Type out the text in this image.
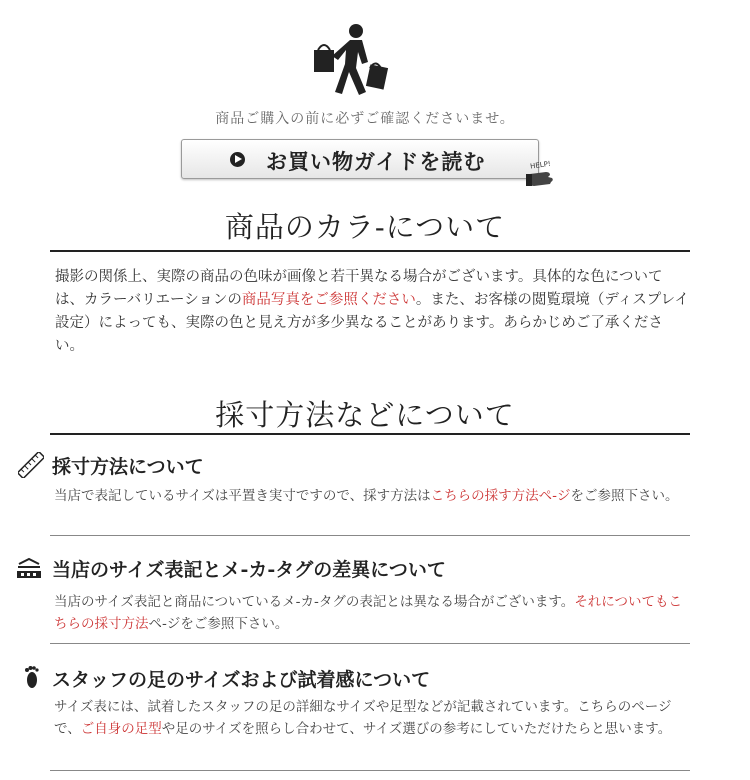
商品ご購入の前に必ずご確認くださいませ。
お買い物ガイドを読む	HELP!
商品のカラ-について
撮影の関係上、実際の商品の色味が画像と若干異なる場合がございます。具体的な色については、カラーバリエーションの商品写真をご参照ください。また、お客様の閲覧環境（ディスプレイ設定）によっても、実際の色と見え方が多少異なることがあります。あらかじめご了承ください。
採寸方法などについて
採寸方法について
当店で表記しているサイズは平置き実寸ですので、採す方法はこちらの採す方法ペ-ジをご参照下さい。
当店のサイズ表記とメ-カ-タグの差異について
当店のサイズ表記と商品についているメ-カ-タグの表記とは異なる場合がございます。それについてもこちらの採寸方法ペ-ジをご参照下さい。
スタッフの足のサイズおよび試着感について
サイズ表には、試着したスタッフの足の詳細なサイズや足型などが記載されています。こちらのページで、ご自身の足型や足のサイズを照らし合わせて、サイズ選びの参考にしていただけたらと思います。
